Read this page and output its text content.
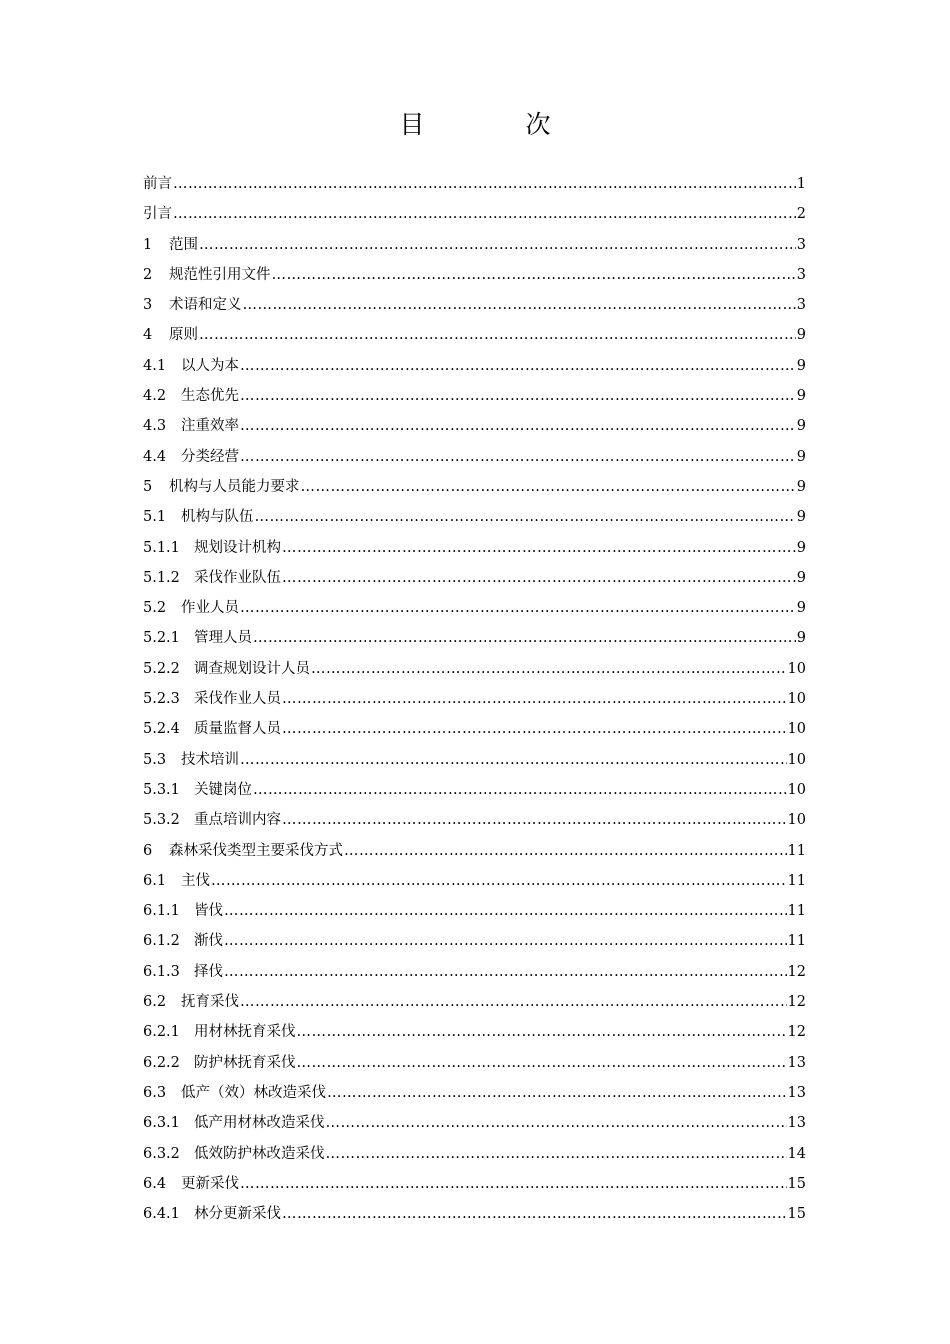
目　次
前言 ……………………………………………………………………………………………………………………………………………………………………………………	1
引言 ……………………………………………………………………………………………………………………………………………………………………………………	2
1	范围 ……………………………………………………………………………………………………………………………………………………………………………………	3
2	规范性引用文件 ……………………………………………………………………………………………………………………………………………………………………………………	3
3	术语和定义 ……………………………………………………………………………………………………………………………………………………………………………………	3
4	原则 ……………………………………………………………………………………………………………………………………………………………………………………	9
4.1	以人为本 ……………………………………………………………………………………………………………………………………………………………………………………	9
4.2	生态优先 ……………………………………………………………………………………………………………………………………………………………………………………	9
4.3	注重效率 ……………………………………………………………………………………………………………………………………………………………………………………	9
4.4	分类经营 ……………………………………………………………………………………………………………………………………………………………………………………	9
5	机构与人员能力要求 ……………………………………………………………………………………………………………………………………………………………………………………	9
5.1	机构与队伍 ……………………………………………………………………………………………………………………………………………………………………………………	9
5.1.1 规划设计机构 ……………………………………………………………………………………………………………………………………………………………………………………	9
5.1.2 采伐作业队伍 ……………………………………………………………………………………………………………………………………………………………………………………	9
5.2	作业人员 ……………………………………………………………………………………………………………………………………………………………………………………	9
5.2.1 管理人员 ……………………………………………………………………………………………………………………………………………………………………………………	9
5.2.2 调查规划设计人员 ……………………………………………………………………………………………………………………………………………………………………………………	10
5.2.3 采伐作业人员 ……………………………………………………………………………………………………………………………………………………………………………………	10
5.2.4 质量监督人员 ……………………………………………………………………………………………………………………………………………………………………………………	10
5.3	技术培训 ……………………………………………………………………………………………………………………………………………………………………………………	10
5.3.1 关键岗位 ……………………………………………………………………………………………………………………………………………………………………………………	10
5.3.2 重点培训内容 ……………………………………………………………………………………………………………………………………………………………………………………	10
6	森林采伐类型主要采伐方式 ……………………………………………………………………………………………………………………………………………………………………………………	11
6.1	主伐 ……………………………………………………………………………………………………………………………………………………………………………………	11
6.1.1 皆伐 ……………………………………………………………………………………………………………………………………………………………………………………	11
6.1.2 渐伐 ……………………………………………………………………………………………………………………………………………………………………………………	11
6.1.3 择伐 ……………………………………………………………………………………………………………………………………………………………………………………	12
6.2	抚育采伐 ……………………………………………………………………………………………………………………………………………………………………………………	12
6.2.1 用材林抚育采伐 ……………………………………………………………………………………………………………………………………………………………………………………	12
6.2.2 防护林抚育采伐 ……………………………………………………………………………………………………………………………………………………………………………………	13
6.3	低产（效）林改造采伐 ……………………………………………………………………………………………………………………………………………………………………………………	13
6.3.1 低产用材林改造采伐 ……………………………………………………………………………………………………………………………………………………………………………………	13
6.3.2 低效防护林改造采伐 ……………………………………………………………………………………………………………………………………………………………………………………	14
6.4	更新采伐 ……………………………………………………………………………………………………………………………………………………………………………………	15
6.4.1 林分更新采伐 ……………………………………………………………………………………………………………………………………………………………………………………	15
